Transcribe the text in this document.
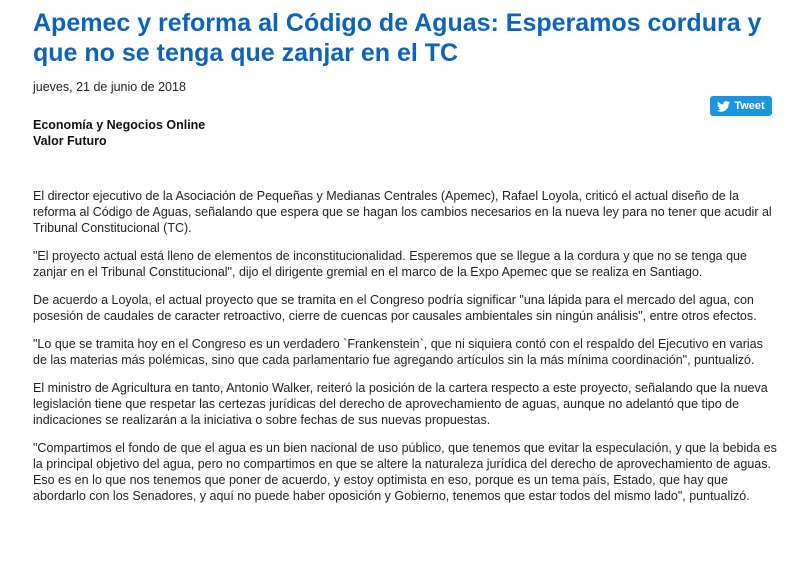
Apemec y reforma al Código de Aguas: Esperamos cordura y que no se tenga que zanjar en el TC
jueves, 21 de junio de 2018
Tweet
Economía y Negocios Online
Valor Futuro

El director ejecutivo de la Asociación de Pequeñas y Medianas Centrales (Apemec), Rafael Loyola, criticó el actual diseño de la reforma al Código de Aguas, señalando que espera que se hagan los cambios necesarios en la nueva ley para no tener que acudir al Tribunal Constitucional (TC).

"El proyecto actual está lleno de elementos de inconstitucionalidad. Esperemos que se llegue a la cordura y que no se tenga que zanjar en el Tribunal Constitucional", dijo el dirigente gremial en el marco de la Expo Apemec que se realiza en Santiago.

De acuerdo a Loyola, el actual proyecto que se tramita en el Congreso podría significar "una lápida para el mercado del agua, con posesión de caudales de caracter retroactivo, cierre de cuencas por causales ambientales sin ningún análisis", entre otros efectos.

"Lo que se tramita hoy en el Congreso es un verdadero `Frankenstein`, que ni siquiera contó con el respaldo del Ejecutivo en varias de las materias más polémicas, sino que cada parlamentario fue agregando artículos sin la más mínima coordinación", puntualizó.

El ministro de Agricultura en tanto, Antonio Walker, reiteró la posición de la cartera respecto a este proyecto, señalando que la nueva legislación tiene que respetar las certezas jurídicas del derecho de aprovechamiento de aguas, aunque no adelantó que tipo de indicaciones se realizarán a la iniciativa o sobre fechas de sus nuevas propuestas.

"Compartimos el fondo de que el agua es un bien nacional de uso público, que tenemos que evitar la especulación, y que la bebida es la principal objetivo del agua, pero no compartimos en que se altere la naturaleza jurídica del derecho de aprovechamiento de aguas. Eso es en lo que nos tenemos que poner de acuerdo, y estoy optimista en eso, porque es un tema país, Estado, que hay que abordarlo con los Senadores, y aquí no puede haber oposición y Gobierno, tenemos que estar todos del mismo lado", puntualizó.
